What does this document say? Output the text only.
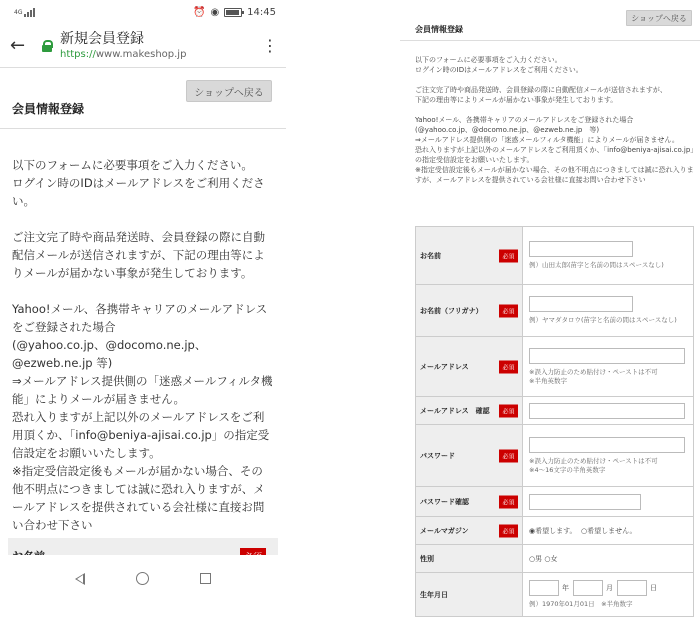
4G	⏰ ◉	14:45
←	新規会員登録
https://www.makeshop.jp	⋮
ショップへ戻る
会員情報登録

以下のフォームに必要事項をご入力ください。
ログイン時のIDはメールアドレスをご利用ください。

ご注文完了時や商品発送時、会員登録の際に自動配信メールが送信されますが、下記の理由等によりメールが届かない事象が発生しております。

Yahoo!メール、各携帯キャリアのメールアドレスをご登録された場合
(@yahoo.co.jp、@docomo.ne.jp、@ezweb.ne.jp 等)
⇒メールアドレス提供側の「迷惑メールフィルタ機能」によりメールが届きません。
恐れ入りますが上記以外のメールアドレスをご利用頂くか、「info@beniya-ajisai.co.jp」の指定受信設定をお願いいたします。
※指定受信設定後もメールが届かない場合、その他不明点につきましては誠に恐れ入りますが、メールアドレスを提供されている会社様に直接お問い合わせ下さい

ショップへ戻る
会員情報登録

以下のフォームに必要事項をご入力ください。
ログイン時のIDはメールアドレスをご利用ください。

ご注文完了時や商品発送時、会員登録の際に自動配信メールが送信されますが、
下記の理由等によりメールが届かない事象が発生しております。

Yahoo!メール、各携帯キャリアのメールアドレスをご登録された場合
(@yahoo.co.jp、@docomo.ne.jp、@ezweb.ne.jp　等)
⇒メールアドレス提供側の「迷惑メールフィルタ機能」によりメールが届きません。
恐れ入りますが上記以外のメールアドレスをご利用頂くか、「info@beniya-ajisai.co.jp」の指定受信設定をお願いいたします。
※指定受信設定後もメールが届かない場合、その他不明点につきましては誠に恐れ入りますが、メールアドレスを提供されている会社様に直接お問い合わせ下さい

お名前 必須	例）山田太郎(苗字と名前の間はスペースなし)

お名前（フリガナ） 必須	例）ヤマダタロウ(苗字と名前の間はスペースなし)

メールアドレス 必須	※誤入力防止のため貼付け・ペーストは不可
※半角英数字

メールアドレス　確認 必須	

パスワード 必須	※誤入力防止のため貼付け・ペーストは不可
※4～16文字の半角英数字

パスワード確認 必須	

メールマガジン 必須	◉希望します。 ○希望しません。
性別	○男 ○女
生年月日	年 月 日
例）1970年01月01日　※半角数字
